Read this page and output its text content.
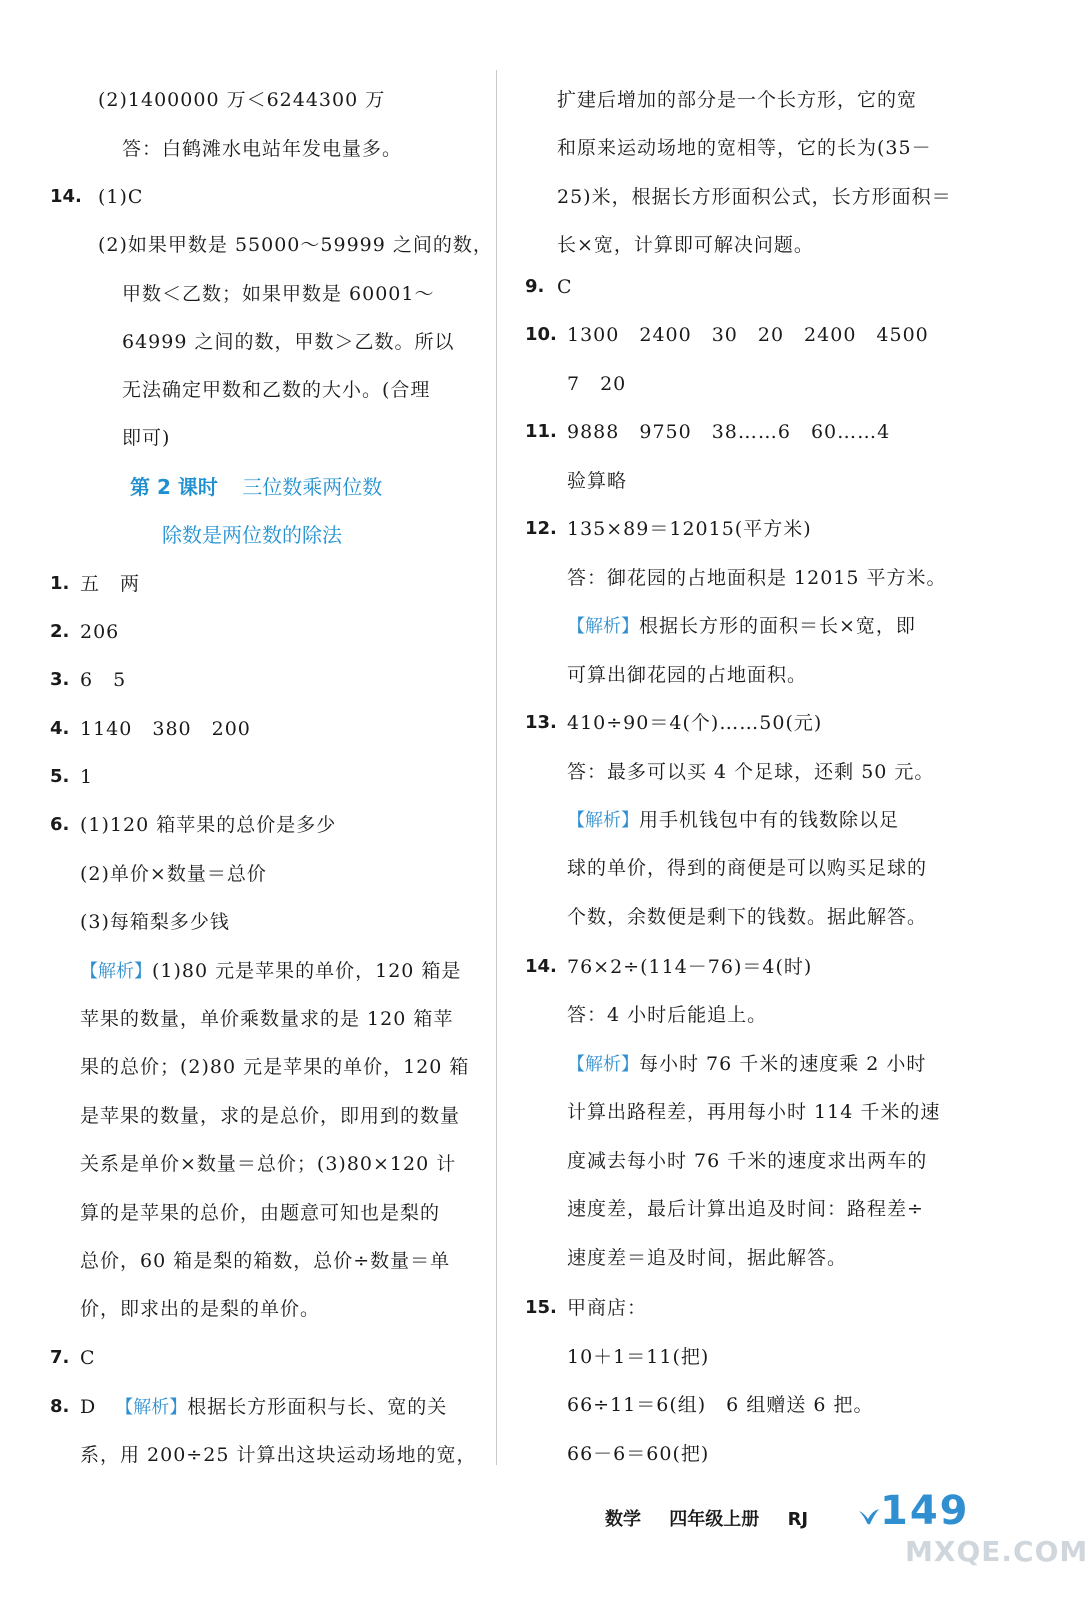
(2)1400000 万＜6244300 万
答：白鹤滩水电站年发电量多。
14. (1)C
(2)如果甲数是 55000～59999 之间的数，
甲数＜乙数；如果甲数是 60001～
64999 之间的数，甲数＞乙数。所以
无法确定甲数和乙数的大小。(合理
即可)
第 2 课时 三位数乘两位数
除数是两位数的除法
1. 五　两
2. 206
3. 6　5
4. 1140　380　200
5. 1
6. (1)120 箱苹果的总价是多少
(2)单价×数量＝总价
(3)每箱梨多少钱
【解析】(1)80 元是苹果的单价，120 箱是
苹果的数量，单价乘数量求的是 120 箱苹
果的总价；(2)80 元是苹果的单价，120 箱
是苹果的数量，求的是总价，即用到的数量
关系是单价×数量＝总价；(3)80×120 计
算的是苹果的总价，由题意可知也是梨的
总价，60 箱是梨的箱数，总价÷数量＝单
价，即求出的是梨的单价。
7. C
8. D 【解析】根据长方形面积与长、宽的关
系，用 200÷25 计算出这块运动场地的宽，
扩建后增加的部分是一个长方形，它的宽
和原来运动场地的宽相等，它的长为(35－
25)米，根据长方形面积公式，长方形面积＝
长×宽，计算即可解决问题。
9. C
10. 1300　2400　30　20　2400　4500
7　20
11. 9888　9750　38……6　60……4
验算略
12. 135×89＝12015(平方米)
答：御花园的占地面积是 12015 平方米。
【解析】根据长方形的面积＝长×宽，即
可算出御花园的占地面积。
13. 410÷90＝4(个)……50(元)
答：最多可以买 4 个足球，还剩 50 元。
【解析】用手机钱包中有的钱数除以足
球的单价，得到的商便是可以购买足球的
个数，余数便是剩下的钱数。据此解答。
14. 76×2÷(114－76)＝4(时)
答：4 小时后能追上。
【解析】每小时 76 千米的速度乘 2 小时
计算出路程差，再用每小时 114 千米的速
度减去每小时 76 千米的速度求出两车的
速度差，最后计算出追及时间：路程差÷
速度差＝追及时间，据此解答。
15. 甲商店：
10＋1＝11(把)
66÷11＝6(组)　6 组赠送 6 把。
66－6＝60(把)
数学 四年级上册 RJ	149
MXQE.COM
